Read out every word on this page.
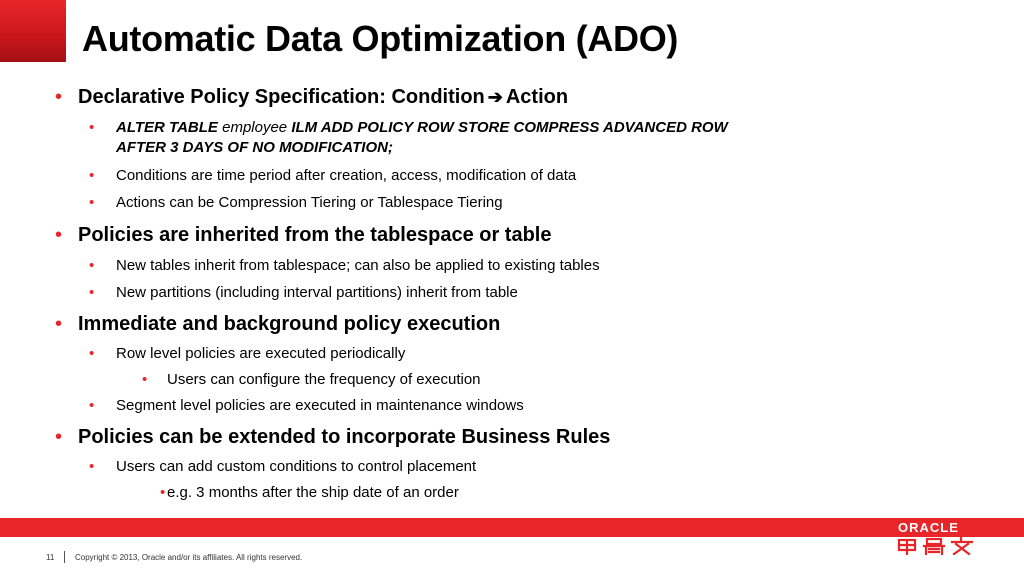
Automatic Data Optimization (ADO)
• Declarative Policy Specification: Condition ➔ Action
• ALTER TABLE employee ILM ADD POLICY ROW STORE COMPRESS ADVANCED ROW
AFTER 3 DAYS OF NO MODIFICATION;
• Conditions are time period after creation, access, modification of data
• Actions can be Compression Tiering or Tablespace Tiering
• Policies are inherited from the tablespace or table
• New tables inherit from tablespace; can also be applied to existing tables
• New partitions (including interval partitions) inherit from table
• Immediate and background policy execution
• Row level policies are executed periodically
• Users can configure the frequency of execution
• Segment level policies are executed in maintenance windows
• Policies can be extended to incorporate Business Rules
• Users can add custom conditions to control placement
• e.g. 3 months after the ship date of an order
ORACLE
11	Copyright © 2013, Oracle and/or its affiliates. All rights reserved.
